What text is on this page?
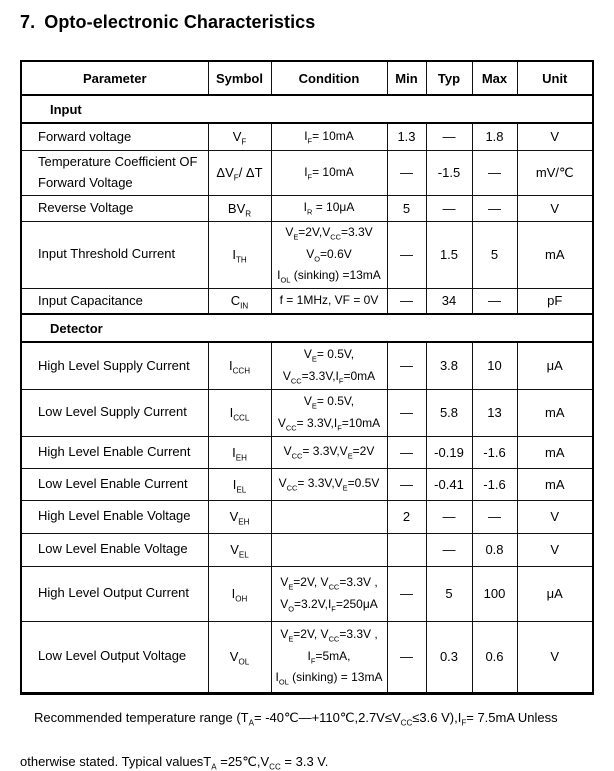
7. Opto-electronic Characteristics
Parameter	Symbol	Condition	Min	Typ	Max	Unit
Input						
Forward voltage	$V_F$	$I_F= 10mA$	1.3	—	1.8	V
Temperature Coefficient OF Forward Voltage	$\Delta V_F/$ ΔT	$I_F= 10mA$	—	-1.5	—	mV/℃
Reverse Voltage	$BV_R$	$I_R = 10\mu A$	5	—	—	V
Input Threshold Current	$I_{TH}$	$V_E=2V,V_{CC}=3.3V$
$V_O=0.6V$
$I_{OL}$ (sinking) =13mA	—	1.5	5	mA
Input Capacitance	$C_{IN}$	f = 1MHz, VF = 0V	—	34	—	pF
Detector						
High Level Supply Current	$I_{CCH}$	$V_E= 0.5V$,
$V_{CC}=3.3V,I_F=0mA$	—	3.8	10	μA
Low Level Supply Current	$I_{CCL}$	$V_E= 0.5V$,
$V_{CC}= 3.3V,I_F=10mA$	—	5.8	13	mA
High Level Enable Current	$I_{EH}$	$V_{CC}= 3.3V,V_E=2V$	—	-0.19	-1.6	mA
Low Level Enable Current	$I_{EL}$	$V_{CC}= 3.3V,V_E=0.5V$	—	-0.41	-1.6	mA
High Level Enable Voltage	$V_{EH}$		2	—	—	V
Low Level Enable Voltage	$V_{EL}$			—	0.8	V
High Level Output Current	$I_{OH}$	$V_E=2V$, $V_{CC}=3.3V$ ,
$V_O=3.2V,I_F=250\mu A$	—	5	100	μA
Low Level Output Voltage	$V_{OL}$	$V_E=2V$, $V_{CC}=3.3V$ ,
$I_F=5mA$,
$I_{OL}$ (sinking) = 13mA	—	0.3	0.6	V

Recommended temperature range ($T_A=$ $-40℃—+110℃,2.7V\le V_{CC}\le 3.6$ $V),I_F= 7.5mA$ Unless

otherwise stated. Typical valuesT$_A$ $=25℃,V_{CC} = 3.3$ V.
